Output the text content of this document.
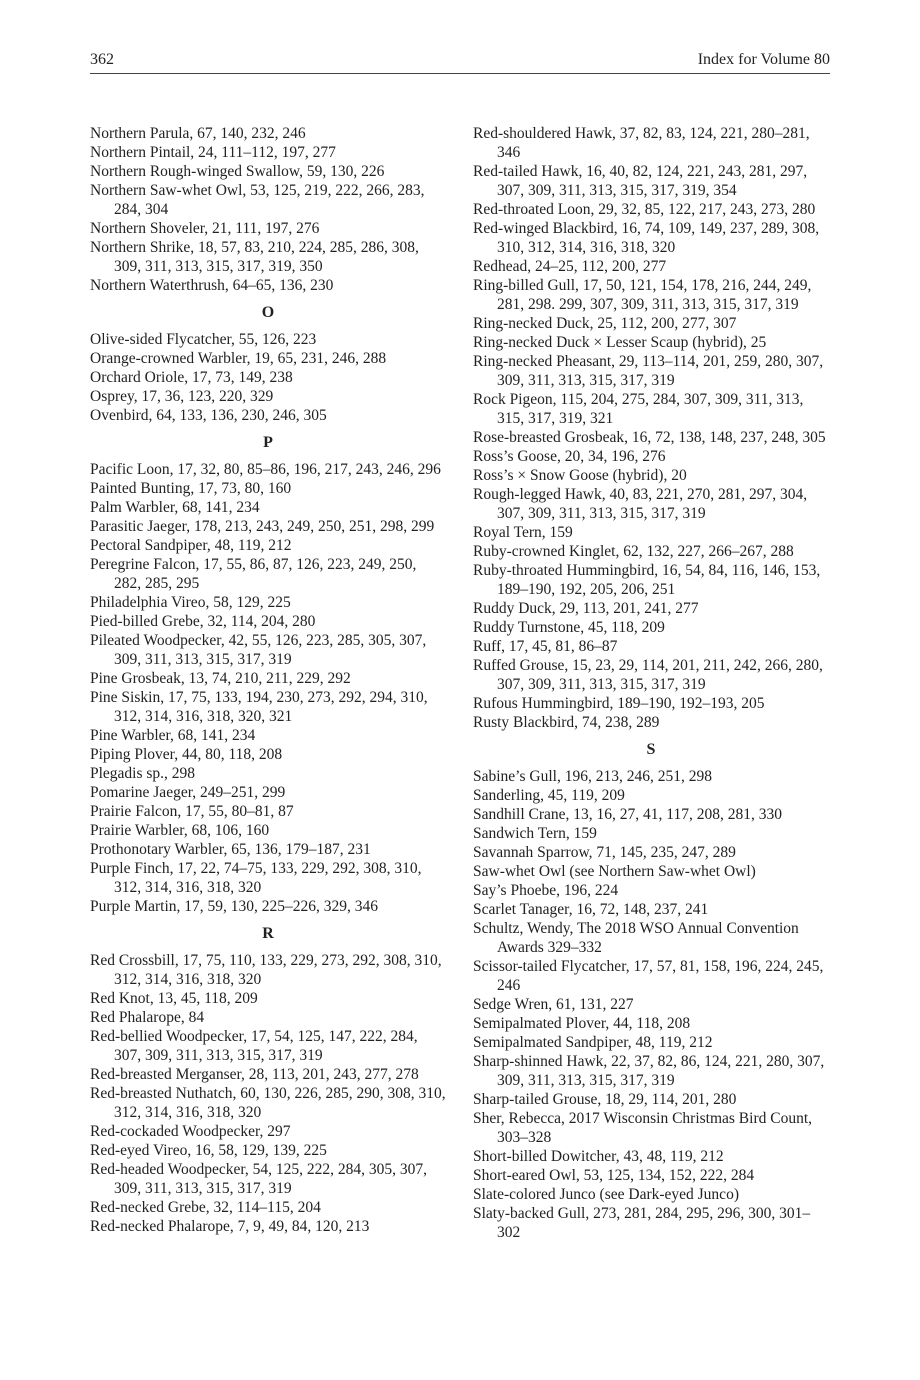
362	Index for Volume 80

Northern Parula, 67, 140, 232, 246

Northern Pintail, 24, 111–112, 197, 277

Northern Rough-winged Swallow, 59, 130, 226

Northern Saw-whet Owl, 53, 125, 219, 222, 266, 283, 284, 304

Northern Shoveler, 21, 111, 197, 276

Northern Shrike, 18, 57, 83, 210, 224, 285, 286, 308, 309, 311, 313, 315, 317, 319, 350

Northern Waterthrush, 64–65, 136, 230

O

Olive-sided Flycatcher, 55, 126, 223

Orange-crowned Warbler, 19, 65, 231, 246, 288

Orchard Oriole, 17, 73, 149, 238

Osprey, 17, 36, 123, 220, 329

Ovenbird, 64, 133, 136, 230, 246, 305

P

Pacific Loon, 17, 32, 80, 85–86, 196, 217, 243, 246, 296

Painted Bunting, 17, 73, 80, 160

Palm Warbler, 68, 141, 234

Parasitic Jaeger, 178, 213, 243, 249, 250, 251, 298, 299

Pectoral Sandpiper, 48, 119, 212

Peregrine Falcon, 17, 55, 86, 87, 126, 223, 249, 250, 282, 285, 295

Philadelphia Vireo, 58, 129, 225

Pied-billed Grebe, 32, 114, 204, 280

Pileated Woodpecker, 42, 55, 126, 223, 285, 305, 307, 309, 311, 313, 315, 317, 319

Pine Grosbeak, 13, 74, 210, 211, 229, 292

Pine Siskin, 17, 75, 133, 194, 230, 273, 292, 294, 310, 312, 314, 316, 318, 320, 321

Pine Warbler, 68, 141, 234

Piping Plover, 44, 80, 118, 208

Plegadis sp., 298

Pomarine Jaeger, 249–251, 299

Prairie Falcon, 17, 55, 80–81, 87

Prairie Warbler, 68, 106, 160

Prothonotary Warbler, 65, 136, 179–187, 231

Purple Finch, 17, 22, 74–75, 133, 229, 292, 308, 310, 312, 314, 316, 318, 320

Purple Martin, 17, 59, 130, 225–226, 329, 346

R

Red Crossbill, 17, 75, 110, 133, 229, 273, 292, 308, 310, 312, 314, 316, 318, 320

Red Knot, 13, 45, 118, 209

Red Phalarope, 84

Red-bellied Woodpecker, 17, 54, 125, 147, 222, 284, 307, 309, 311, 313, 315, 317, 319

Red-breasted Merganser, 28, 113, 201, 243, 277, 278

Red-breasted Nuthatch, 60, 130, 226, 285, 290, 308, 310, 312, 314, 316, 318, 320

Red-cockaded Woodpecker, 297

Red-eyed Vireo, 16, 58, 129, 139, 225

Red-headed Woodpecker, 54, 125, 222, 284, 305, 307, 309, 311, 313, 315, 317, 319

Red-necked Grebe, 32, 114–115, 204

Red-necked Phalarope, 7, 9, 49, 84, 120, 213

Red-shouldered Hawk, 37, 82, 83, 124, 221, 280–281, 346

Red-tailed Hawk, 16, 40, 82, 124, 221, 243, 281, 297, 307, 309, 311, 313, 315, 317, 319, 354

Red-throated Loon, 29, 32, 85, 122, 217, 243, 273, 280

Red-winged Blackbird, 16, 74, 109, 149, 237, 289, 308, 310, 312, 314, 316, 318, 320

Redhead, 24–25, 112, 200, 277

Ring-billed Gull, 17, 50, 121, 154, 178, 216, 244, 249, 281, 298. 299, 307, 309, 311, 313, 315, 317, 319

Ring-necked Duck, 25, 112, 200, 277, 307

Ring-necked Duck × Lesser Scaup (hybrid), 25

Ring-necked Pheasant, 29, 113–114, 201, 259, 280, 307, 309, 311, 313, 315, 317, 319

Rock Pigeon, 115, 204, 275, 284, 307, 309, 311, 313, 315, 317, 319, 321

Rose-breasted Grosbeak, 16, 72, 138, 148, 237, 248, 305

Ross’s Goose, 20, 34, 196, 276

Ross’s × Snow Goose (hybrid), 20

Rough-legged Hawk, 40, 83, 221, 270, 281, 297, 304, 307, 309, 311, 313, 315, 317, 319

Royal Tern, 159

Ruby-crowned Kinglet, 62, 132, 227, 266–267, 288

Ruby-throated Hummingbird, 16, 54, 84, 116, 146, 153, 189–190, 192, 205, 206, 251

Ruddy Duck, 29, 113, 201, 241, 277

Ruddy Turnstone, 45, 118, 209

Ruff, 17, 45, 81, 86–87

Ruffed Grouse, 15, 23, 29, 114, 201, 211, 242, 266, 280, 307, 309, 311, 313, 315, 317, 319

Rufous Hummingbird, 189–190, 192–193, 205

Rusty Blackbird, 74, 238, 289

S

Sabine’s Gull, 196, 213, 246, 251, 298

Sanderling, 45, 119, 209

Sandhill Crane, 13, 16, 27, 41, 117, 208, 281, 330

Sandwich Tern, 159

Savannah Sparrow, 71, 145, 235, 247, 289

Saw-whet Owl (see Northern Saw-whet Owl)

Say’s Phoebe, 196, 224

Scarlet Tanager, 16, 72, 148, 237, 241

Schultz, Wendy, The 2018 WSO Annual Convention Awards 329–332

Scissor-tailed Flycatcher, 17, 57, 81, 158, 196, 224, 245, 246

Sedge Wren, 61, 131, 227

Semipalmated Plover, 44, 118, 208

Semipalmated Sandpiper, 48, 119, 212

Sharp-shinned Hawk, 22, 37, 82, 86, 124, 221, 280, 307, 309, 311, 313, 315, 317, 319

Sharp-tailed Grouse, 18, 29, 114, 201, 280

Sher, Rebecca, 2017 Wisconsin Christmas Bird Count, 303–328

Short-billed Dowitcher, 43, 48, 119, 212

Short-eared Owl, 53, 125, 134, 152, 222, 284

Slate-colored Junco (see Dark-eyed Junco)

Slaty-backed Gull, 273, 281, 284, 295, 296, 300, 301–302
